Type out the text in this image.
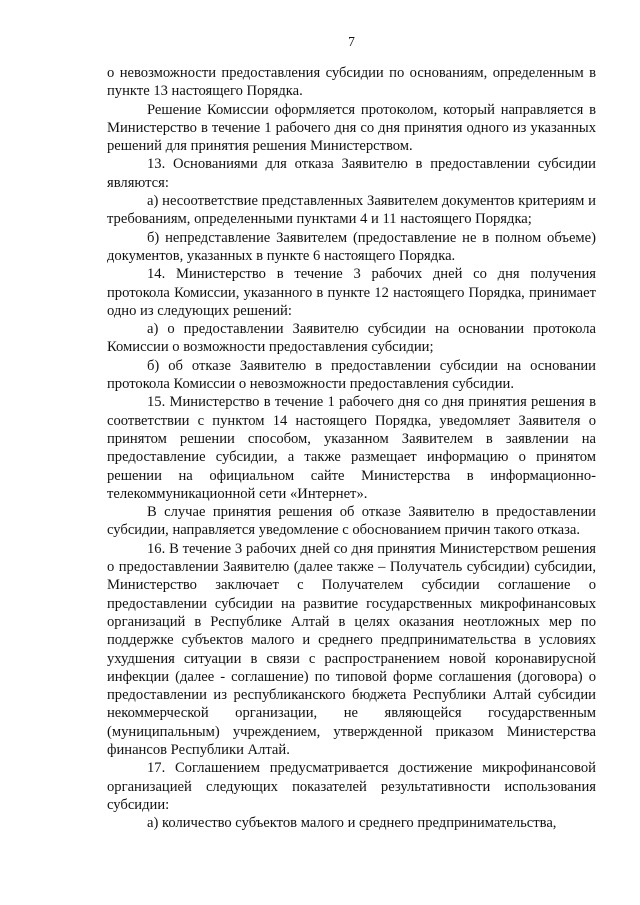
7

о невозможности предоставления субсидии по основаниям, определенным в пункте 13 настоящего Порядка.

Решение Комиссии оформляется протоколом, который направляется в Министерство в течение 1 рабочего дня со дня принятия одного из указанных решений для принятия решения Министерством.

13. Основаниями для отказа Заявителю в предоставлении субсидии являются:

а) несоответствие представленных Заявителем документов критериям и требованиям, определенными пунктами 4 и 11 настоящего Порядка;

б) непредставление Заявителем (предоставление не в полном объеме) документов, указанных в пункте 6 настоящего Порядка.

14. Министерство в течение 3 рабочих дней со дня получения протокола Комиссии, указанного в пункте 12 настоящего Порядка, принимает одно из следующих решений:

а) о предоставлении Заявителю субсидии на основании протокола Комиссии о возможности предоставления субсидии;

б) об отказе Заявителю в предоставлении субсидии на основании протокола Комиссии о невозможности предоставления субсидии.

15. Министерство в течение 1 рабочего дня со дня принятия решения в соответствии с пунктом 14 настоящего Порядка, уведомляет Заявителя о принятом решении способом, указанном Заявителем в заявлении на предоставление субсидии, а также размещает информацию о принятом решении на официальном сайте Министерства в информационно-телекоммуникационной сети «Интернет».

В случае принятия решения об отказе Заявителю в предоставлении субсидии, направляется уведомление с обоснованием причин такого отказа.

16. В течение 3 рабочих дней со дня принятия Министерством решения о предоставлении Заявителю (далее также – Получатель субсидии) субсидии, Министерство заключает с Получателем субсидии соглашение о предоставлении субсидии на развитие государственных микрофинансовых организаций в Республике Алтай в целях оказания неотложных мер по поддержке субъектов малого и среднего предпринимательства в условиях ухудшения ситуации в связи с распространением новой коронавирусной инфекции (далее - соглашение) по типовой форме соглашения (договора) о предоставлении из республиканского бюджета Республики Алтай субсидии некоммерческой организации, не являющейся государственным (муниципальным) учреждением, утвержденной приказом Министерства финансов Республики Алтай.

17. Соглашением предусматривается достижение микрофинансовой организацией следующих показателей результативности использования субсидии:

а) количество субъектов малого и среднего предпринимательства,
